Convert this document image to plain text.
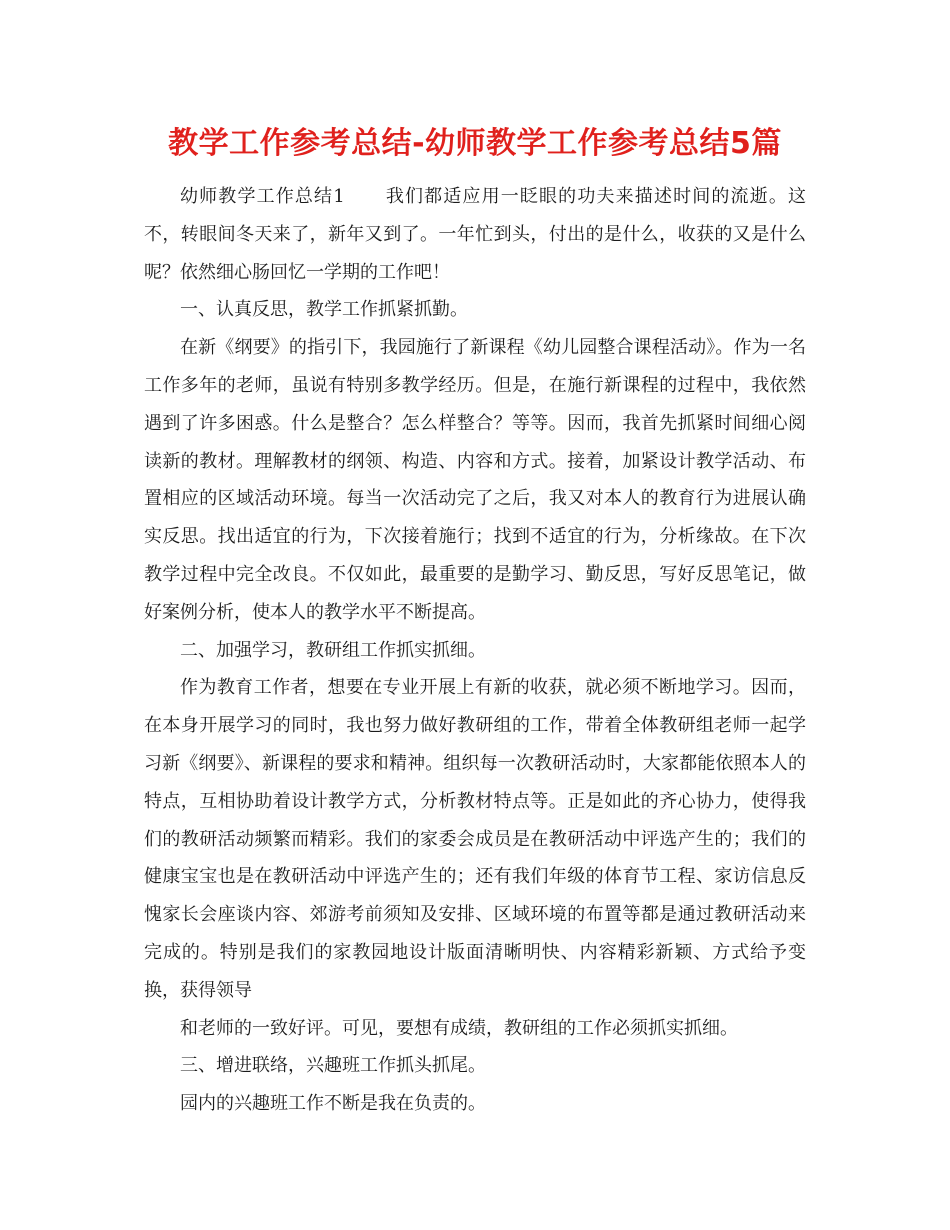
教学工作参考总结-幼师教学工作参考总结5篇

幼师教学工作总结1 我们都适应用一眨眼的功夫来描述时间的流逝。这不，转眼间冬天来了，新年又到了。一年忙到头，付出的是什么，收获的又是什么呢？依然细心肠回忆一学期的工作吧！

一、认真反思，教学工作抓紧抓勤。

在新《纲要》的指引下，我园施行了新课程《幼儿园整合课程活动》。作为一名工作多年的老师，虽说有特别多教学经历。但是，在施行新课程的过程中，我依然遇到了许多困惑。什么是整合？怎么样整合？等等。因而，我首先抓紧时间细心阅读新的教材。理解教材的纲领、构造、内容和方式。接着，加紧设计教学活动、布置相应的区域活动环境。每当一次活动完了之后，我又对本人的教育行为进展认确实反思。找出适宜的行为，下次接着施行；找到不适宜的行为，分析缘故。在下次教学过程中完全改良。不仅如此，最重要的是勤学习、勤反思，写好反思笔记，做好案例分析，使本人的教学水平不断提高。

二、加强学习，教研组工作抓实抓细。

作为教育工作者，想要在专业开展上有新的收获，就必须不断地学习。因而，在本身开展学习的同时，我也努力做好教研组的工作，带着全体教研组老师一起学习新《纲要》、新课程的要求和精神。组织每一次教研活动时，大家都能依照本人的特点，互相协助着设计教学方式，分析教材特点等。正是如此的齐心协力，使得我们的教研活动频繁而精彩。我们的家委会成员是在教研活动中评选产生的；我们的健康宝宝也是在教研活动中评选产生的；还有我们年级的体育节工程、家访信息反愧家长会座谈内容、郊游考前须知及安排、区域环境的布置等都是通过教研活动来完成的。特别是我们的家教园地设计版面清晰明快、内容精彩新颖、方式给予变换，获得领导

和老师的一致好评。可见，要想有成绩，教研组的工作必须抓实抓细。

三、增进联络，兴趣班工作抓头抓尾。

园内的兴趣班工作不断是我在负责的。
